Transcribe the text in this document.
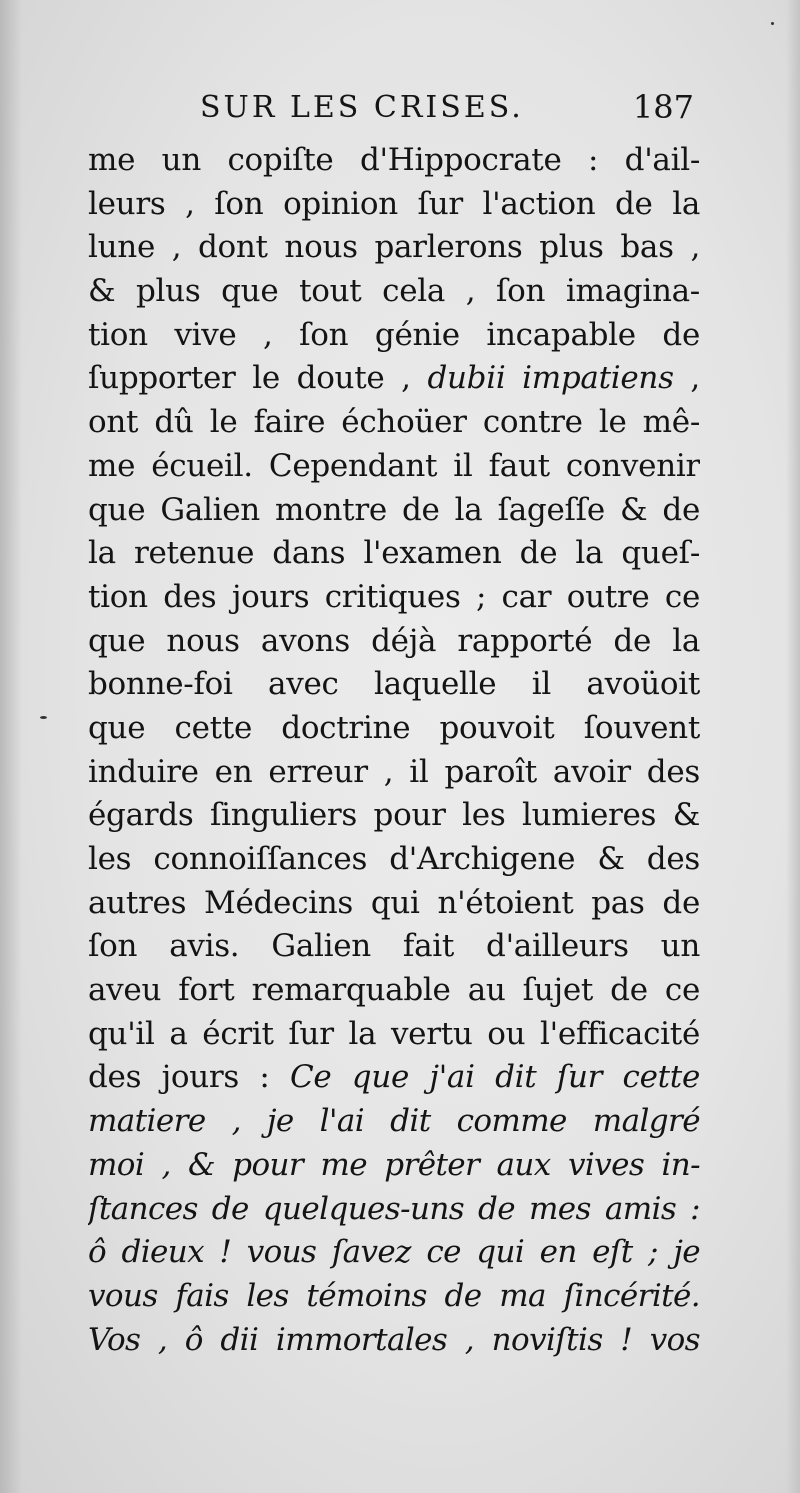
SUR LES CRISES.	187
me un copiſte d'Hippocrate : d'ail-
leurs , ſon opinion ſur l'action de la
lune , dont nous parlerons plus bas ,
& plus que tout cela , ſon imagina-
tion vive , ſon génie incapable de
ſupporter le doute , dubii impatiens ,
ont dû le faire échoüer contre le mê-
me écueil. Cependant il faut convenir
que Galien montre de la ſageſſe & de
la retenue dans l'examen de la queſ-
tion des jours critiques ; car outre ce
que nous avons déjà rapporté de la
bonne-foi avec laquelle il avoüoit
que cette doctrine pouvoit ſouvent
induire en erreur , il paroît avoir des
égards ſinguliers pour les lumieres &
les connoiſſances d'Archigene & des
autres Médecins qui n'étoient pas de
ſon avis. Galien fait d'ailleurs un
aveu fort remarquable au ſujet de ce
qu'il a écrit ſur la vertu ou l'efficacité
des jours : Ce que j'ai dit ſur cette
matiere , je l'ai dit comme malgré
moi , & pour me prêter aux vives in-
ſtances de quelques-uns de mes amis :
ô dieux ! vous ſavez ce qui en eſt ; je
vous fais les témoins de ma ſincérité.
Vos , ô dii immortales , noviſtis ! vos
